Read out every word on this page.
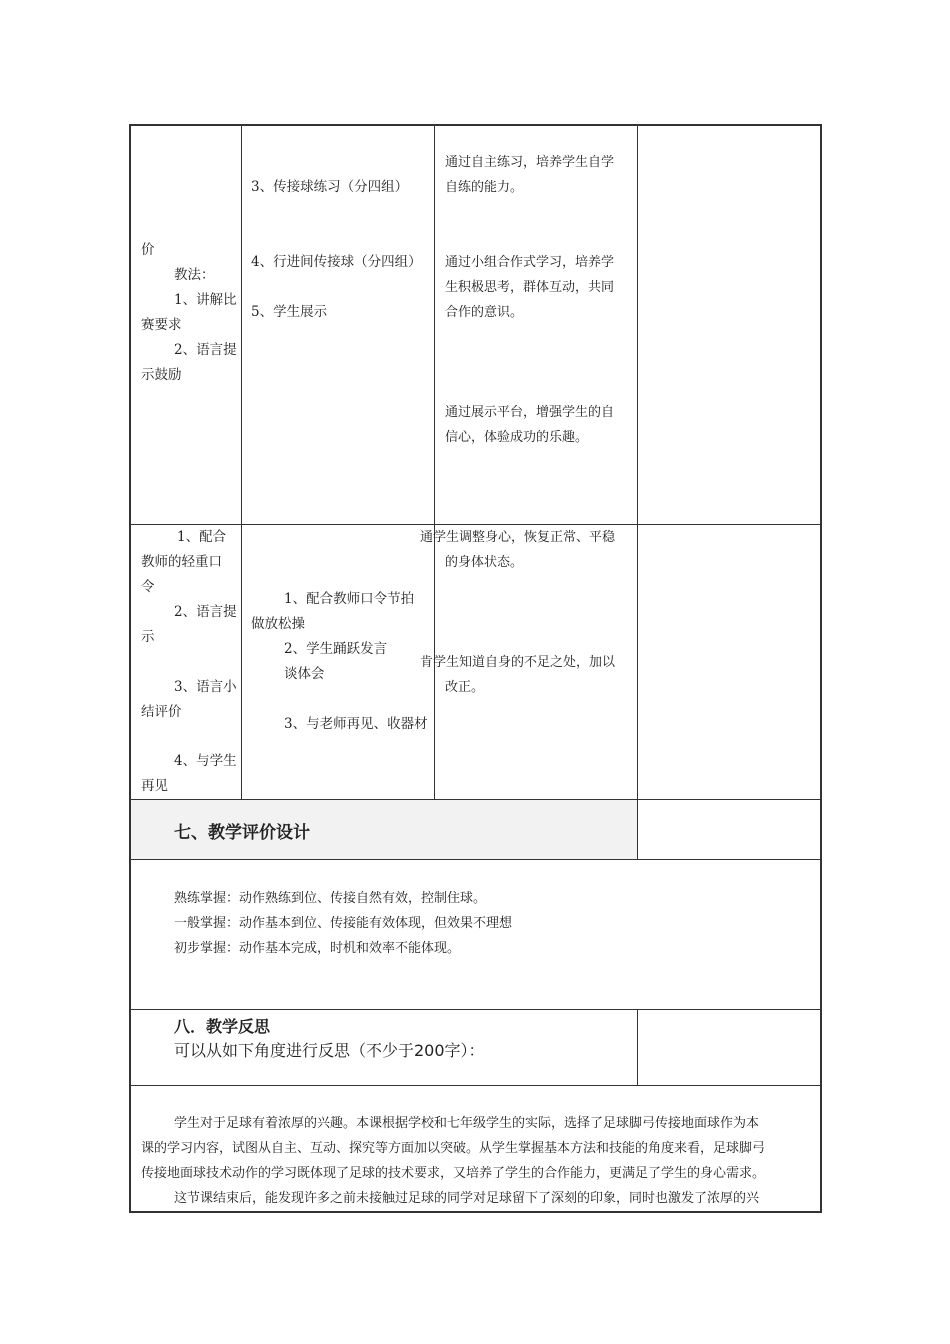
价
教法：
1、讲解比
赛要求
2、语言提
示鼓励
3、传接球练习（分四组）
4、行进间传接球（分四组）
5、学生展示
通过自主练习，培养学生自学
自练的能力。
通过小组合作式学习，培养学
生积极思考，群体互动，共同
合作的意识。
通过展示平台，增强学生的自
信心，体验成功的乐趣。
1、配合
教师的轻重口
令
2、语言提
示
3、语言小
结评价
4、与学生
再见
1、配合教师口令节拍
做放松操
2、学生踊跃发言
谈体会
3、与老师再见、收器材
通学生调整身心，恢复正常、平稳
的身体状态。
肯学生知道自身的不足之处，加以
改正。
七、教学评价设计
熟练掌握：动作熟练到位、传接自然有效，控制住球。
一般掌握：动作基本到位、传接能有效体现，但效果不理想
初步掌握：动作基本完成，时机和效率不能体现。
八．教学反思
可以从如下角度进行反思（不少于200字）：
学生对于足球有着浓厚的兴趣。本课根据学校和七年级学生的实际，选择了足球脚弓传接地面球作为本
课的学习内容，试图从自主、互动、探究等方面加以突破。从学生掌握基本方法和技能的角度来看，足球脚弓
传接地面球技术动作的学习既体现了足球的技术要求，又培养了学生的合作能力，更满足了学生的身心需求。
这节课结束后，能发现许多之前未接触过足球的同学对足球留下了深刻的印象，同时也激发了浓厚的兴
